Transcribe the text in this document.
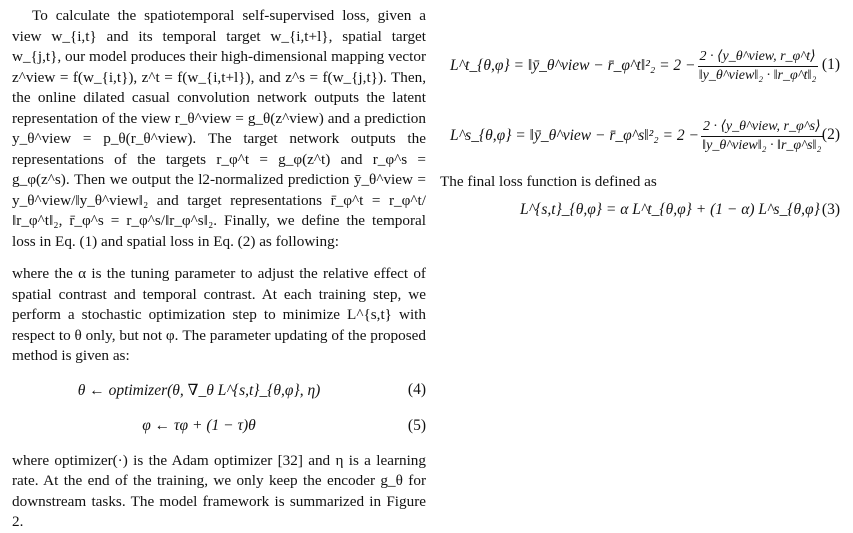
To calculate the spatiotemporal self-supervised loss, given a view w_{i,t} and its temporal target w_{i,t+l}, spatial target w_{j,t}, our model produces their high-dimensional mapping vector z^view = f(w_{i,t}), z^t = f(w_{i,t+l}), and z^s = f(w_{j,t}). Then, the online dilated casual convolution network outputs the latent representation of the view r_θ^view = g_θ(z^view) and a prediction y_θ^view = p_θ(r_θ^view). The target network outputs the representations of the targets r_φ^t = g_φ(z^t) and r_φ^s = g_φ(z^s). Then we output the l2-normalized prediction ȳ_θ^view = y_θ^view/‖y_θ^view‖₂ and target representations r̄_φ^t = r_φ^t/‖r_φ^t‖₂, r̄_φ^s = r_φ^s/‖r_φ^s‖₂. Finally, we define the temporal loss in Eq. (1) and spatial loss in Eq. (2) as following:

where the α is the tuning parameter to adjust the relative effect of spatial contrast and temporal contrast. At each training step, we perform a stochastic optimization step to minimize L^{s,t} with respect to θ only, but not φ. The parameter updating of the proposed method is given as:

θ ← optimizer(θ, ∇_θ L^{s,t}_{θ,φ}, η)	(4)
φ ← τφ + (1 − τ)θ	(5)

where optimizer(·) is the Adam optimizer [32] and η is a learning rate. At the end of the training, we only keep the encoder g_θ for downstream tasks. The model framework is summarized in Figure 2.

L^t_{θ,φ} = ‖ȳ_θ^view − r̄_φ^t‖²₂ = $2 - \frac{\text{2 · ⟨y\_θ\textasciicircum{}view, r\_φ\textasciicircum{}t⟩}}{\text{‖y\_θ\textasciicircum{}view‖₂ · ‖r\_φ\textasciicircum{}t‖₂}} (1)$
L^s_{θ,φ} = ‖ȳ_θ^view − r̄_φ^s‖²₂ = $2 - \frac{\text{2 · ⟨y\_θ\textasciicircum{}view, r\_φ\textasciicircum{}s⟩}}{\text{‖y\_θ\textasciicircum{}view‖₂ · ‖r\_φ\textasciicircum{}s‖₂}} (2)$
The final loss function is defined as
L^{s,t}_{θ,φ} = α L^t_{θ,φ} + (1 − α) L^s_{θ,φ} (3)
